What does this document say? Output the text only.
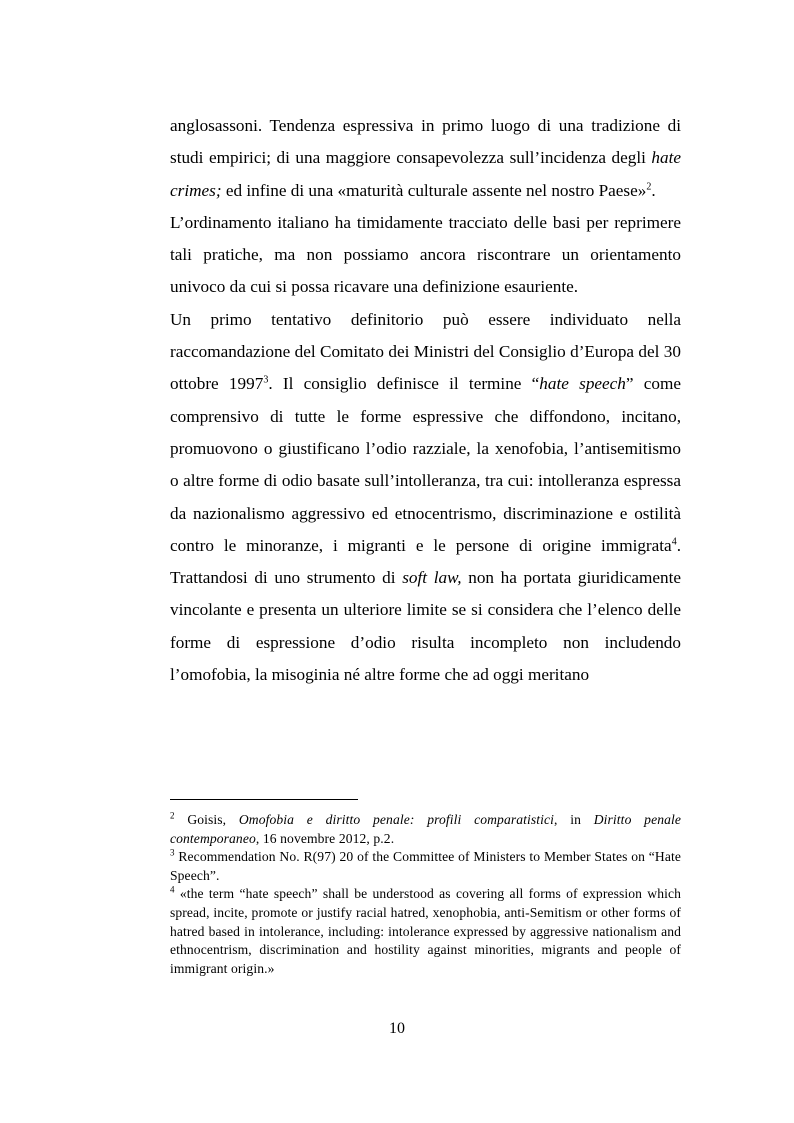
anglosassoni. Tendenza espressiva in primo luogo di una tradizione di studi empirici; di una maggiore consapevolezza sull’incidenza degli hate crimes; ed infine di una «maturità culturale assente nel nostro Paese»$^2$.

L’ordinamento italiano ha timidamente tracciato delle basi per reprimere tali pratiche, ma non possiamo ancora riscontrare un orientamento univoco da cui si possa ricavare una definizione esauriente.

Un primo tentativo definitorio può essere individuato nella raccomandazione del Comitato dei Ministri del Consiglio d’Europa del 30 ottobre 1997$^3$. Il consiglio definisce il termine “hate speech” come comprensivo di tutte le forme espressive che diffondono, incitano, promuovono o giustificano l’odio razziale, la xenofobia, l’antisemitismo o altre forme di odio basate sull’intolleranza, tra cui: intolleranza espressa da nazionalismo aggressivo ed etnocentrismo, discriminazione e ostilità contro le minoranze, i migranti e le persone di origine immigrata$^4$. Trattandosi di uno strumento di soft law, non ha portata giuridicamente vincolante e presenta un ulteriore limite se si considera che l’elenco delle forme di espressione d’odio risulta incompleto non includendo l’omofobia, la misoginia né altre forme che ad oggi meritano

$^2$ Goisis, Omofobia e diritto penale: profili comparatistici, in Diritto penale contemporaneo, 16 novembre 2012, p.2.

$^3$ Recommendation No. R(97) 20 of the Committee of Ministers to Member States on “Hate Speech”.

$^4$ «the term “hate speech” shall be understood as covering all forms of expression which spread, incite, promote or justify racial hatred, xenophobia, anti-Semitism or other forms of hatred based in intolerance, including: intolerance expressed by aggressive nationalism and ethnocentrism, discrimination and hostility against minorities, migrants and people of immigrant origin.»

10
